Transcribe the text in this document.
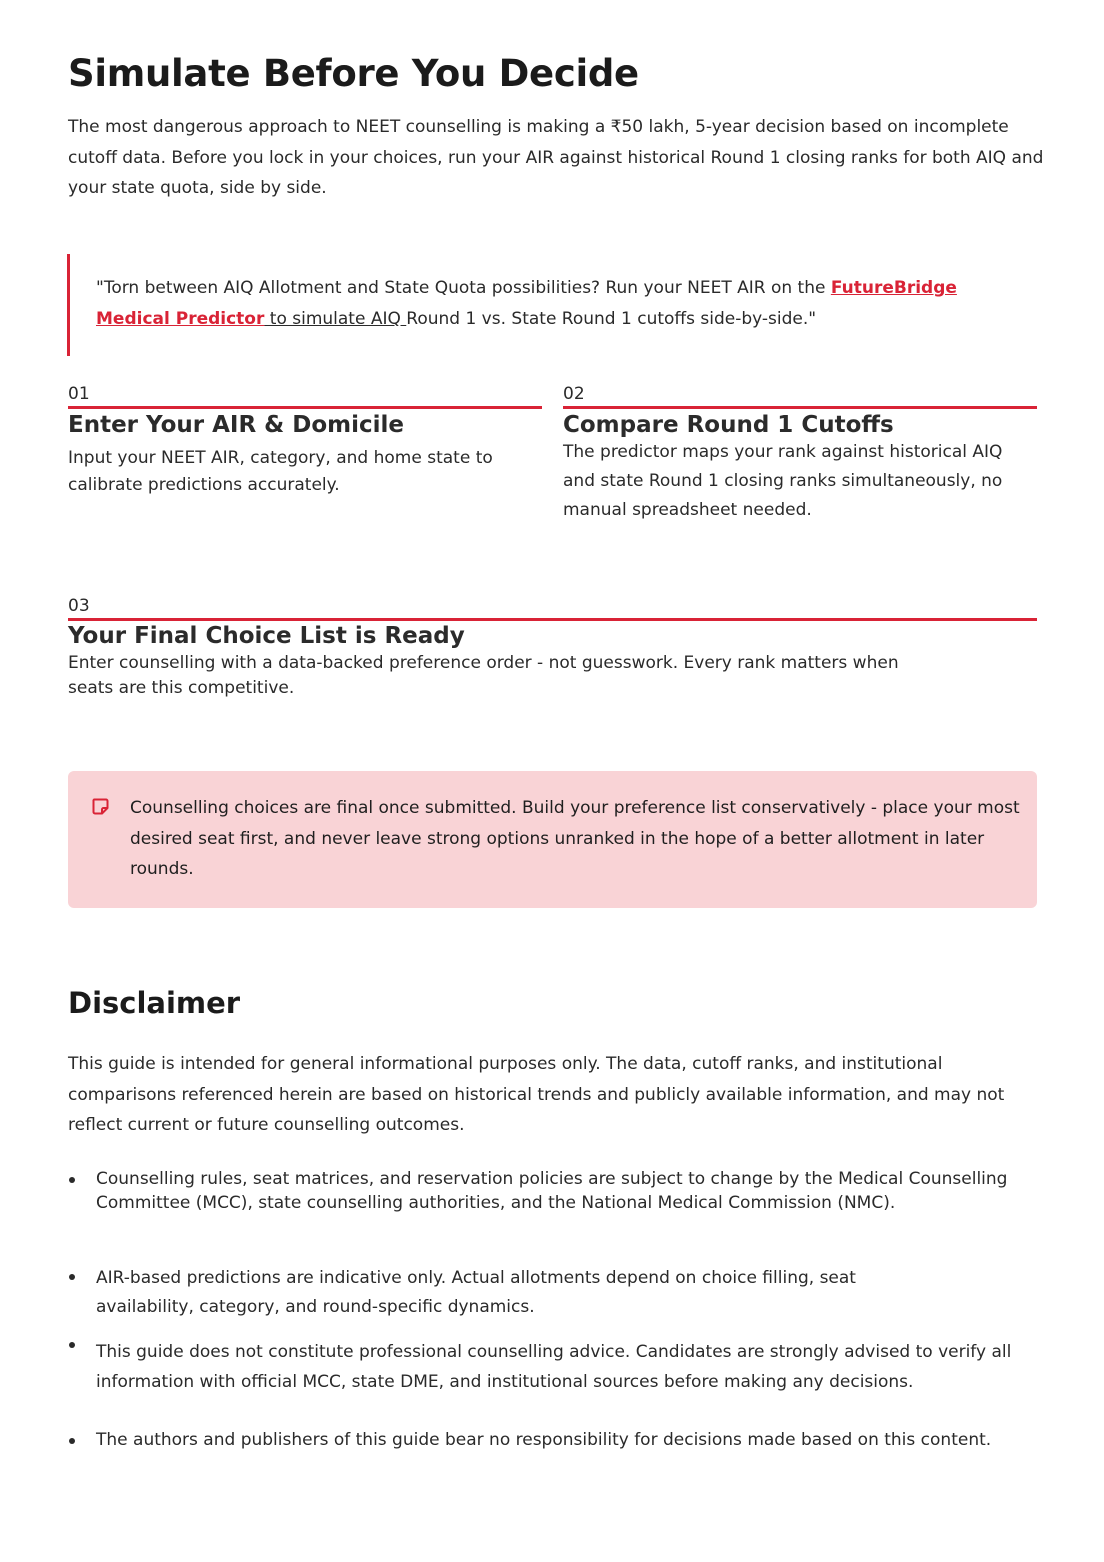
Simulate Before You Decide
The most dangerous approach to NEET counselling is making a ₹50 lakh, 5-year decision based on incomplete cutoff data. Before you lock in your choices, run your AIR against historical Round 1 closing ranks for both AIQ and your state quota, side by side.
"Torn between AIQ Allotment and State Quota possibilities? Run your NEET AIR on the FutureBridge Medical Predictor to simulate AIQ Round 1 vs. State Round 1 cutoffs side-by-side."
01
Enter Your AIR & Domicile
Input your NEET AIR, category, and home state to calibrate predictions accurately.
02
Compare Round 1 Cutoffs
The predictor maps your rank against historical AIQ and state Round 1 closing ranks simultaneously, no manual spreadsheet needed.
03
Your Final Choice List is Ready
Enter counselling with a data-backed preference order - not guesswork. Every rank matters when seats are this competitive.
Counselling choices are final once submitted. Build your preference list conservatively - place your most desired seat first, and never leave strong options unranked in the hope of a better allotment in later rounds.
Disclaimer
This guide is intended for general informational purposes only. The data, cutoff ranks, and institutional comparisons referenced herein are based on historical trends and publicly available information, and may not reflect current or future counselling outcomes.
Counselling rules, seat matrices, and reservation policies are subject to change by the Medical Counselling Committee (MCC), state counselling authorities, and the National Medical Commission (NMC).
AIR-based predictions are indicative only. Actual allotments depend on choice filling, seat availability, category, and round-specific dynamics.
This guide does not constitute professional counselling advice. Candidates are strongly advised to verify all information with official MCC, state DME, and institutional sources before making any decisions.
The authors and publishers of this guide bear no responsibility for decisions made based on this content.
